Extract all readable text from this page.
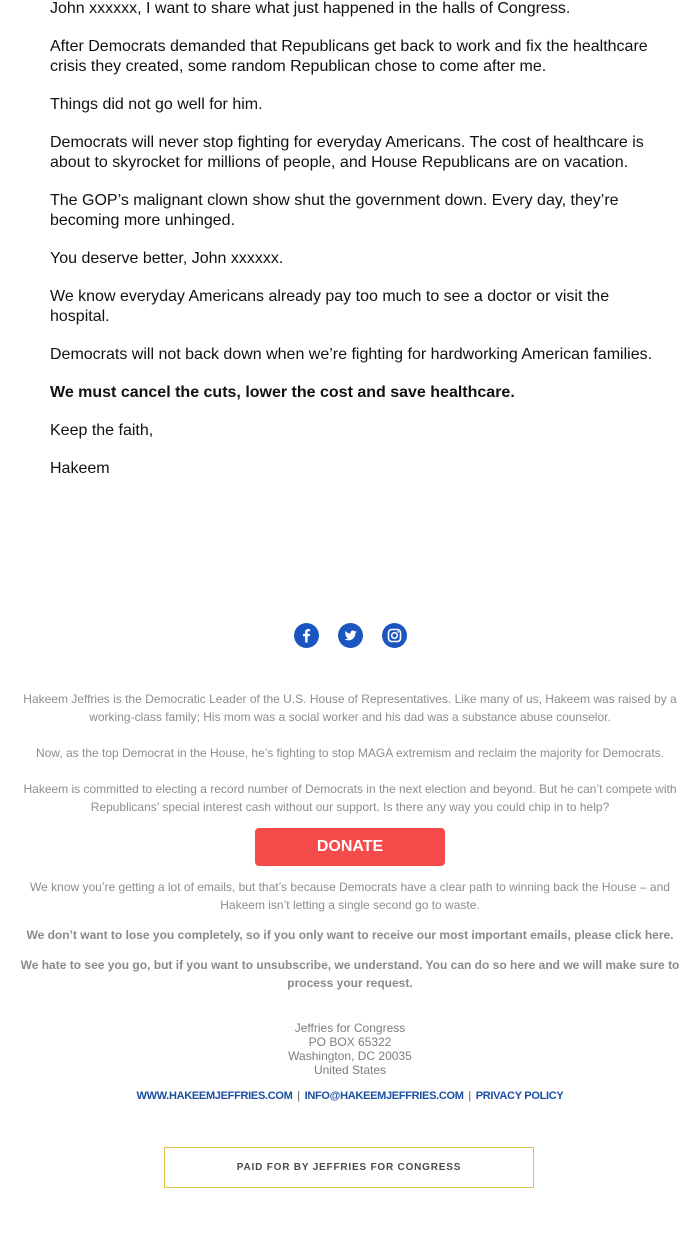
John xxxxxx, I want to share what just happened in the halls of Congress.

After Democrats demanded that Republicans get back to work and fix the healthcare crisis they created, some random Republican chose to come after me.

Things did not go well for him.

Democrats will never stop fighting for everyday Americans. The cost of healthcare is about to skyrocket for millions of people, and House Republicans are on vacation.

The GOP’s malignant clown show shut the government down. Every day, they’re becoming more unhinged.

You deserve better, John xxxxxx.

We know everyday Americans already pay too much to see a doctor or visit the hospital.

Democrats will not back down when we’re fighting for hardworking American families.

We must cancel the cuts, lower the cost and save healthcare.

Keep the faith,

Hakeem

Hakeem Jeffries is the Democratic Leader of the U.S. House of Representatives. Like many of us, Hakeem was raised by a working-class family; His mom was a social worker and his dad was a substance abuse counselor.

Now, as the top Democrat in the House, he’s fighting to stop MAGA extremism and reclaim the majority for Democrats.

Hakeem is committed to electing a record number of Democrats in the next election and beyond. But he can’t compete with Republicans’ special interest cash without our support. Is there any way you could chip in to help?

DONATE

We know you’re getting a lot of emails, but that’s because Democrats have a clear path to winning back the House – and Hakeem isn’t letting a single second go to waste.

We don’t want to lose you completely, so if you only want to receive our most important emails, please click here.

We hate to see you go, but if you want to unsubscribe, we understand. You can do so here and we will make sure to process your request.

Jeffries for Congress
PO BOX 65322
Washington, DC 20035
United States
WWW.HAKEEMJEFFRIES.COM | INFO@HAKEEMJEFFRIES.COM | PRIVACY POLICY
PAID FOR BY JEFFRIES FOR CONGRESS
